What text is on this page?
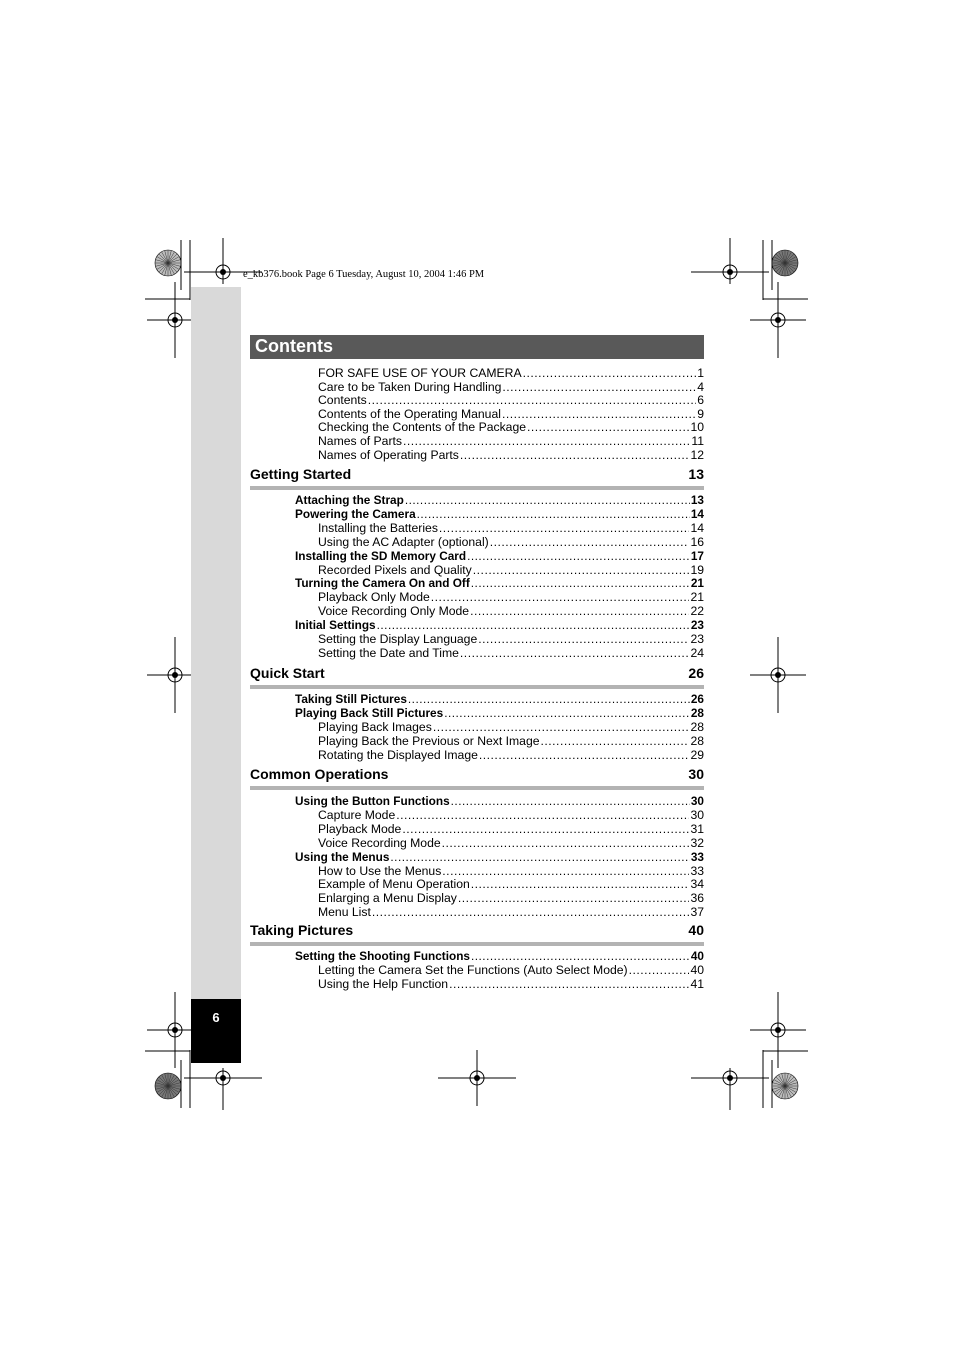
6
e_kb376.book Page 6 Tuesday, August 10, 2004 1:46 PM
Contents
FOR SAFE USE OF YOUR CAMERA .....	1
Care to be Taken During Handling .....	4
Contents .....	6
Contents of the Operating Manual .....	9
Checking the Contents of the Package .....	10
Names of Parts .....	11
Names of Operating Parts .....	12
Getting Started	13
Attaching the Strap .....	13
Powering the Camera .....	14
Installing the Batteries .....	14
Using the AC Adapter (optional) .....	16
Installing the SD Memory Card .....	17
Recorded Pixels and Quality .....	19
Turning the Camera On and Off .....	21
Playback Only Mode .....	21
Voice Recording Only Mode .....	22
Initial Settings .....	23
Setting the Display Language .....	23
Setting the Date and Time .....	24
Quick Start	26
Taking Still Pictures .....	26
Playing Back Still Pictures .....	28
Playing Back Images .....	28
Playing Back the Previous or Next Image .....	28
Rotating the Displayed Image .....	29
Common Operations	30
Using the Button Functions .....	30
Capture Mode .....	30
Playback Mode .....	31
Voice Recording Mode .....	32
Using the Menus .....	33
How to Use the Menus .....	33
Example of Menu Operation .....	34
Enlarging a Menu Display .....	36
Menu List .....	37
Taking Pictures	40
Setting the Shooting Functions .....	40
Letting the Camera Set the Functions (Auto Select Mode) .....	40
Using the Help Function .....	41
